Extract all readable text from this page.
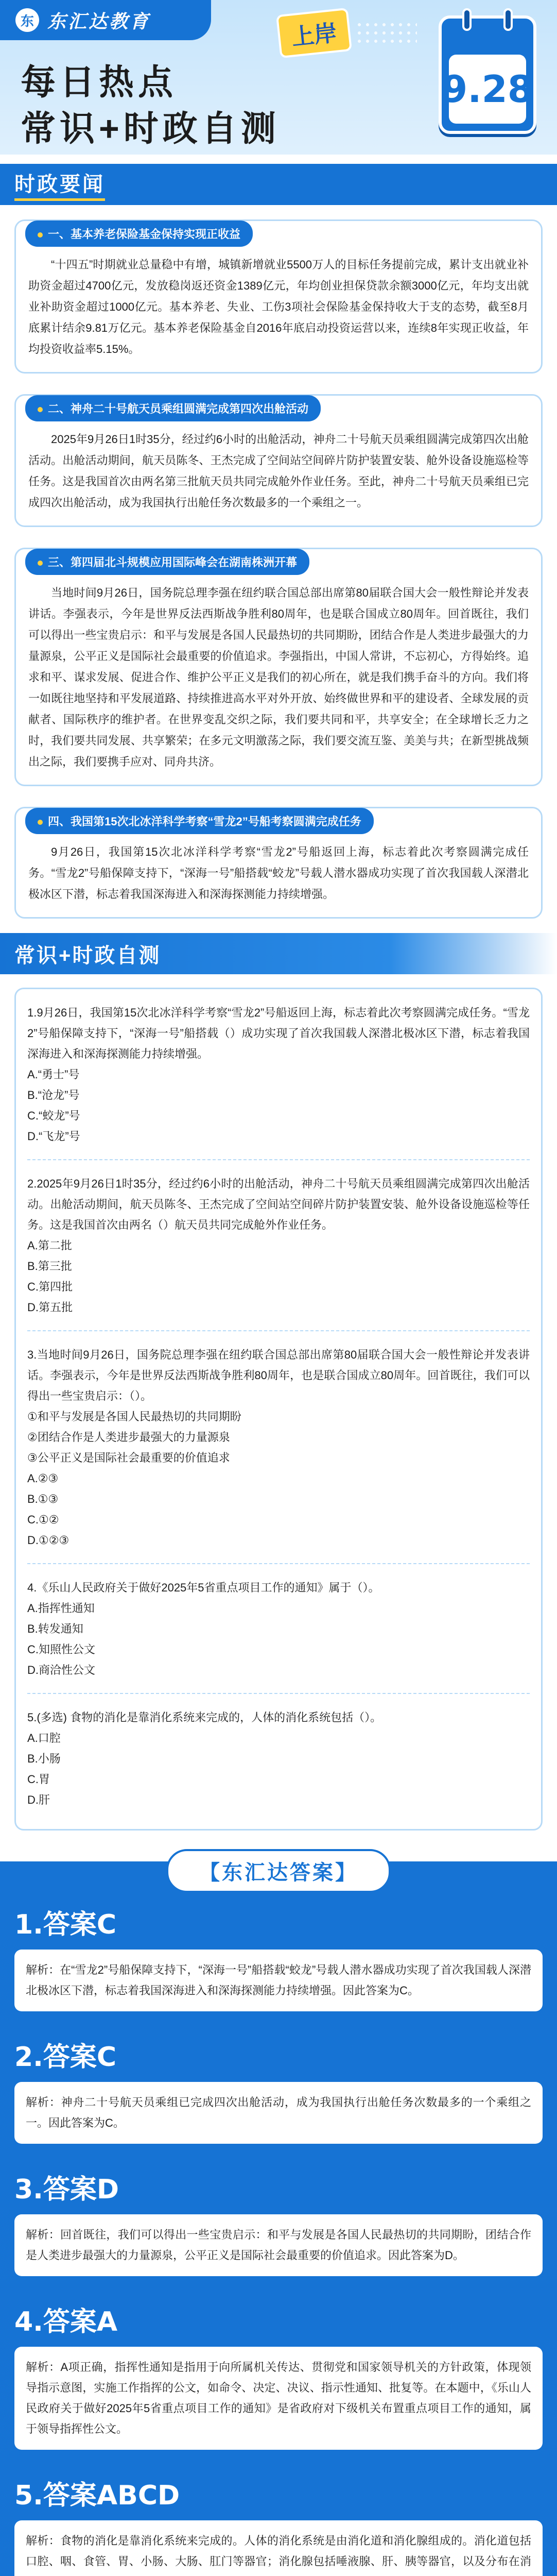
东 东汇达教育	上岸
9.28
每日热点
常识+时政自测
时政要闻
一、基本养老保险基金保持实现正收益
“十四五”时期就业总量稳中有增，城镇新增就业5500万人的目标任务提前完成，累计支出就业补助资金超过4700亿元，发放稳岗返还资金1389亿元，年均创业担保贷款余额3000亿元，年均支出就业补助资金超过1000亿元。基本养老、失业、工伤3项社会保险基金保持收大于支的态势，截至8月底累计结余9.81万亿元。基本养老保险基金自2016年底启动投资运营以来，连续8年实现正收益，年均投资收益率5.15%。
二、神舟二十号航天员乘组圆满完成第四次出舱活动
2025年9月26日1时35分，经过约6小时的出舱活动，神舟二十号航天员乘组圆满完成第四次出舱活动。出舱活动期间，航天员陈冬、王杰完成了空间站空间碎片防护装置安装、舱外设备设施巡检等任务。这是我国首次由两名第三批航天员共同完成舱外作业任务。至此，神舟二十号航天员乘组已完成四次出舱活动，成为我国执行出舱任务次数最多的一个乘组之一。
三、第四届北斗规模应用国际峰会在湖南株洲开幕
当地时间9月26日，国务院总理李强在纽约联合国总部出席第80届联合国大会一般性辩论并发表讲话。李强表示，今年是世界反法西斯战争胜利80周年，也是联合国成立80周年。回首既往，我们可以得出一些宝贵启示：和平与发展是各国人民最热切的共同期盼，团结合作是人类进步最强大的力量源泉，公平正义是国际社会最重要的价值追求。李强指出，中国人常讲，不忘初心，方得始终。追求和平、谋求发展、促进合作、维护公平正义是我们的初心所在，就是我们携手奋斗的方向。我们将一如既往地坚持和平发展道路、持续推进高水平对外开放、始终做世界和平的建设者、全球发展的贡献者、国际秩序的维护者。在世界变乱交织之际，我们要共同和平，共享安全；在全球增长乏力之时，我们要共同发展、共享繁荣；在多元文明激荡之际，我们要交流互鉴、美美与共；在新型挑战频出之际，我们要携手应对、同舟共济。
四、我国第15次北冰洋科学考察“雪龙2”号船考察圆满完成任务
9月26日，我国第15次北冰洋科学考察“雪龙2”号船返回上海，标志着此次考察圆满完成任务。“雪龙2”号船保障支持下，“深海一号”船搭载“蛟龙”号载人潜水器成功实现了首次我国载人深潜北极冰区下潜，标志着我国深海进入和深海探测能力持续增强。
常识+时政自测
1.9月26日，我国第15次北冰洋科学考察“雪龙2”号船返回上海，标志着此次考察圆满完成任务。“雪龙2”号船保障支持下，“深海一号”船搭载（）成功实现了首次我国载人深潜北极冰区下潜，标志着我国深海进入和深海探测能力持续增强。
A.“勇士”号
B.“沧龙”号
C.“蛟龙”号
D.“飞龙”号
2.2025年9月26日1时35分，经过约6小时的出舱活动，神舟二十号航天员乘组圆满完成第四次出舱活动。出舱活动期间，航天员陈冬、王杰完成了空间站空间碎片防护装置安装、舱外设备设施巡检等任务。这是我国首次由两名（）航天员共同完成舱外作业任务。
A.第二批
B.第三批
C.第四批
D.第五批
3.当地时间9月26日，国务院总理李强在纽约联合国总部出席第80届联合国大会一般性辩论并发表讲话。李强表示，今年是世界反法西斯战争胜利80周年，也是联合国成立80周年。回首既往，我们可以得出一些宝贵启示：（）。
①和平与发展是各国人民最热切的共同期盼
②团结合作是人类进步最强大的力量源泉
③公平正义是国际社会最重要的价值追求
A.②③
B.①③
C.①②
D.①②③
4.《乐山人民政府关于做好2025年5省重点项目工作的通知》属于（）。
A.指挥性通知
B.转发通知
C.知照性公文
D.商洽性公文
5.(多选) 食物的消化是靠消化系统来完成的，人体的消化系统包括（）。
A.口腔
B.小肠
C.胃
D.肝
【东汇达答案】
1.答案C
解析：在“雪龙2”号船保障支持下，“深海一号”船搭载“蛟龙”号载人潜水器成功实现了首次我国载人深潜北极冰区下潜，标志着我国深海进入和深海探测能力持续增强。因此答案为C。
2.答案C
解析：神舟二十号航天员乘组已完成四次出舱活动，成为我国执行出舱任务次数最多的一个乘组之一。因此答案为C。
3.答案D
解析：回首既往，我们可以得出一些宝贵启示：和平与发展是各国人民最热切的共同期盼，团结合作是人类进步最强大的力量源泉，公平正义是国际社会最重要的价值追求。因此答案为D。
4.答案A
解析：A项正确，指挥性通知是指用于向所属机关传达、贯彻党和国家领导机关的方针政策，体现领导指示意图，实施工作指挥的公文，如命令、决定、决议、指示性通知、批复等。在本题中，《乐山人民政府关于做好2025年5省重点项目工作的通知》是省政府对下级机关布置重点项目工作的通知，属于领导指挥性公文。
5.答案ABCD
解析：食物的消化是靠消化系统来完成的。人体的消化系统是由消化道和消化腺组成的。消化道包括口腔、咽、食管、胃、小肠、大肠、肛门等器官；消化腺包括唾液腺、肝、胰等器官，以及分布在消
